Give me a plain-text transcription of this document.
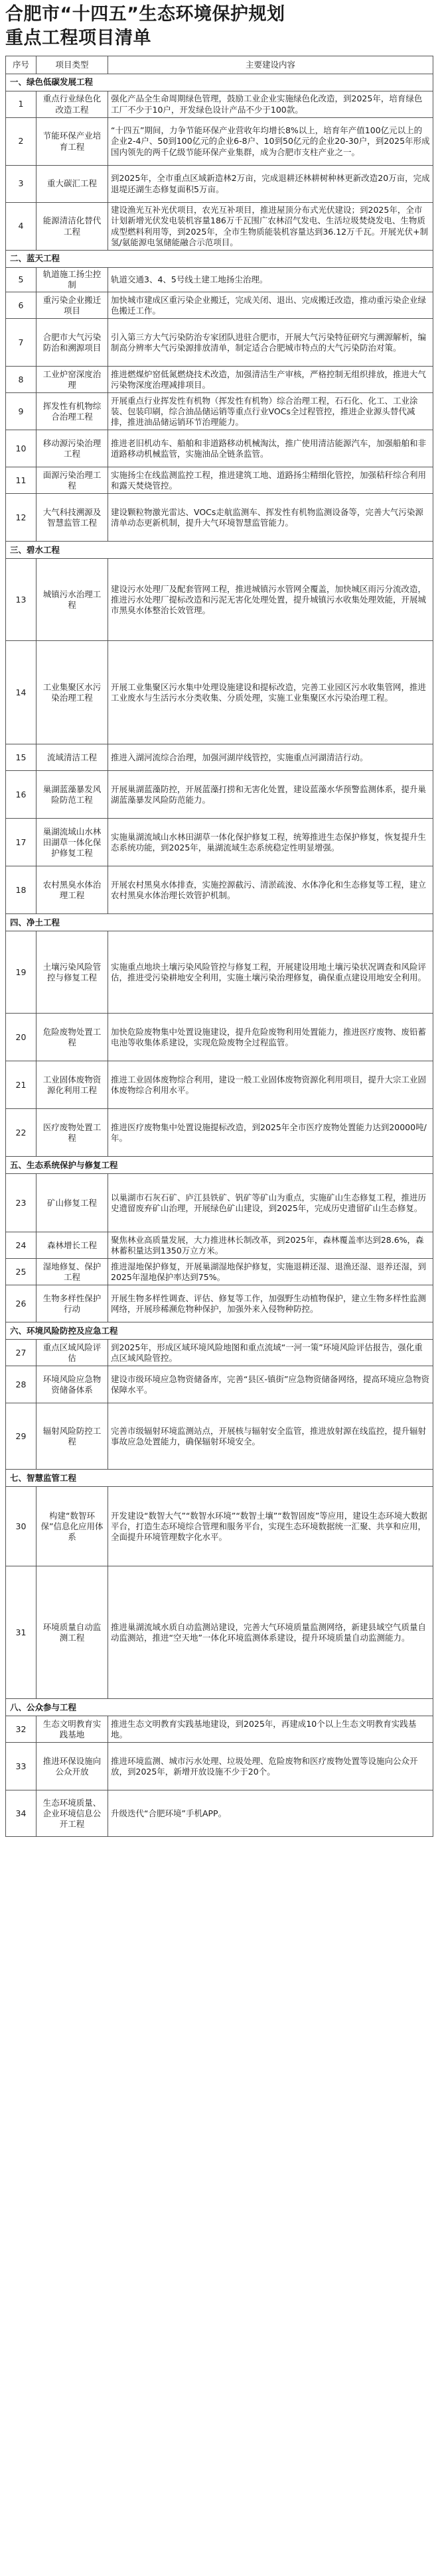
合肥市“十四五”生态环境保护规划
重点工程项目清单
序号	项目类型	主要建设内容
一、绿色低碳发展工程		
1	重点行业绿色化改造工程	强化产品全生命周期绿色管理，鼓励工业企业实施绿色化改造，到2025年，培育绿色工厂不少于10户，开发绿色设计产品不少于100款。
2	节能环保产业培育工程	“十四五”期间，力争节能环保产业营收年均增长8%以上，培育年产值100亿元以上的企业2-4户、50到100亿元的企业6-8户、10到50亿元的企业20-30户，到2025年形成国内领先的两千亿级节能环保产业集群，成为合肥市支柱产业之一。
3	重大碳汇工程	到2025年，全市重点区域新造林2万亩，完成退耕还林耕树种林更新改造20万亩，完成退堤还湖生态修复面积5万亩。
4	能源清洁化替代工程	建设渔光互补光伏项目，农光互补项目，推进屋顶分布式光伏建设；到2025年，全市计划新增光伏发电装机容量186万千瓦围广农林沼气发电、生活垃圾焚烧发电、生物质成型燃料利用等，到2025年，全市生物质能装机容量达到36.12万千瓦。开展光伏+制氢/氨能源电氢储能融合示范项目。
二、蓝天工程		
5	轨道施工扬尘控制	轨道交通3、4、5号线土建工地扬尘治理。
6	重污染企业搬迁项目	加快城市建成区重污染企业搬迁，完成关闭、退出、完成搬迁改造，推动重污染企业绿色搬迁工作。
7	合肥市大气污染防治和溯源项目	引入第三方大气污染防治专家团队进驻合肥市，开展大气污染特征研究与溯源解析，编制高分辨率大气污染源排放清单，制定适合合肥城市特点的大气污染防治对策。
8	工业炉窑深度治理	推进燃煤炉窑低氮燃烧技术改造，加强清洁生产审核，严格控制无组织排放，推进大气污染物深度治理减排项目。
9	挥发性有机物综合治理工程	开展重点行业挥发性有机物（挥发性有机物）综合治理工程，石石化、化工、工业涂装、包装印刷，综合油品储运销等重点行业VOCs全过程管控，推进企业源头替代减排，推进油品储运销环节治理能力。
10	移动源污染治理工程	推进老旧机动车、船舶和非道路移动机械淘汰，推广使用清洁能源汽车，加强船舶和非道路移动机械监管，实施油品全链条监管。
11	面源污染治理工程	实施扬尘在线监测监控工程，推进建筑工地、道路扬尘精细化管控，加强秸秆综合利用和露天焚烧管控。
12	大气科技溯源及智慧监管工程	建设颗粒物激光雷达、VOCs走航监测车、挥发性有机物监测设备等，完善大气污染源清单动态更新机制，提升大气环境智慧监管能力。
三、碧水工程		
13	城镇污水治理工程	建设污水处理厂及配套管网工程，推进城镇污水管网全覆盖，加快城区雨污分流改造，推进污水处理厂提标改造和污泥无害化处理处置，提升城镇污水收集处理效能，开展城市黑臭水体整治长效管理。
14	工业集聚区水污染治理工程	开展工业集聚区污水集中处理设施建设和提标改造，完善工业园区污水收集管网，推进工业废水与生活污水分类收集、分质处理，实施工业集聚区水污染治理工程。
15	流域清洁工程	推进入湖河流综合治理，加强河湖岸线管控，实施重点河湖清洁行动。
16	巢湖蓝藻暴发风险防范工程	开展巢湖蓝藻防控，开展蓝藻打捞和无害化处置，建设蓝藻水华预警监测体系，提升巢湖蓝藻暴发风险防范能力。
17	巢湖流域山水林田湖草一体化保护修复工程	实施巢湖流域山水林田湖草一体化保护修复工程，统筹推进生态保护修复，恢复提升生态系统功能，到2025年，巢湖流域生态系统稳定性明显增强。
18	农村黑臭水体治理工程	开展农村黑臭水体排查，实施控源截污、清淤疏浚、水体净化和生态修复等工程，建立农村黑臭水体治理长效管护机制。
四、净土工程		
19	土壤污染风险管控与修复工程	实施重点地块土壤污染风险管控与修复工程，开展建设用地土壤污染状况调查和风险评估，推进受污染耕地安全利用，实施土壤污染治理修复，确保重点建设用地安全利用。
20	危险废物处置工程	加快危险废物集中处置设施建设，提升危险废物利用处置能力，推进医疗废物、废铅蓄电池等收集体系建设，实现危险废物全过程监管。
21	工业固体废物资源化利用工程	推进工业固体废物综合利用，建设一般工业固体废物资源化利用项目，提升大宗工业固体废物综合利用水平。
22	医疗废物处置工程	推进医疗废物集中处置设施提标改造，到2025年全市医疗废物处置能力达到20000吨/年。
五、生态系统保护与修复工程		
23	矿山修复工程	以巢湖市石灰石矿、庐江县铁矿、钒矿等矿山为重点，实施矿山生态修复工程，推进历史遗留废弃矿山治理，开展绿色矿山建设，到2025年，完成历史遗留矿山生态修复。
24	森林增长工程	聚焦林业高质量发展，大力推进林长制改革，到2025年，森林覆盖率达到28.6%，森林蓄积量达到1350万立方米。
25	湿地修复、保护工程	推进湿地保护修复，开展巢湖湿地保护修复，实施退耕还湿、退渔还湿、退养还湿，到2025年湿地保护率达到75%。
26	生物多样性保护行动	开展生物多样性调查、评估、修复等工作，加强野生动植物保护，建立生物多样性监测网络，开展珍稀濒危物种保护，加强外来入侵物种防控。
六、环境风险防控及应急工程		
27	重点区域风险评估	到2025年，形成区域环境风险地图和重点流域“一河一策”环境风险评估报告，强化重点区域风险管控。
28	环境风险应急物资储备体系	建设市级环境应急物资储备库，完善“县区-镇街”应急物资储备网络，提高环境应急物资保障水平。
29	辐射风险防控工程	完善市级辐射环境监测站点，开展核与辐射安全监管，推进放射源在线监控，提升辐射事故应急处置能力，确保辐射环境安全。
七、智慧监管工程		
30	构建“数智环保”信息化应用体系	开发建设“数智大气”“数智水环境”“数智土壤”“数智固废”等应用，建设生态环境大数据平台，打造生态环境综合管理和服务平台，实现生态环境数据统一汇聚、共享和应用，全面提升环境管理数字化水平。
31	环境质量自动监测工程	推进巢湖流域水质自动监测站建设，完善大气环境质量监测网络，新建县域空气质量自动监测站，推进“空天地”一体化环境监测体系建设，提升环境质量自动监测能力。
八、公众参与工程		
32	生态文明教育实践基地	推进生态文明教育实践基地建设，到2025年，再建成10个以上生态文明教育实践基地。
33	推进环保设施向公众开放	推进环境监测、城市污水处理、垃圾处理、危险废物和医疗废物处置等设施向公众开放，到2025年，新增开放设施不少于20个。
34	生态环境质量、企业环境信息公开工程	升级迭代“合肥环境”手机APP。
